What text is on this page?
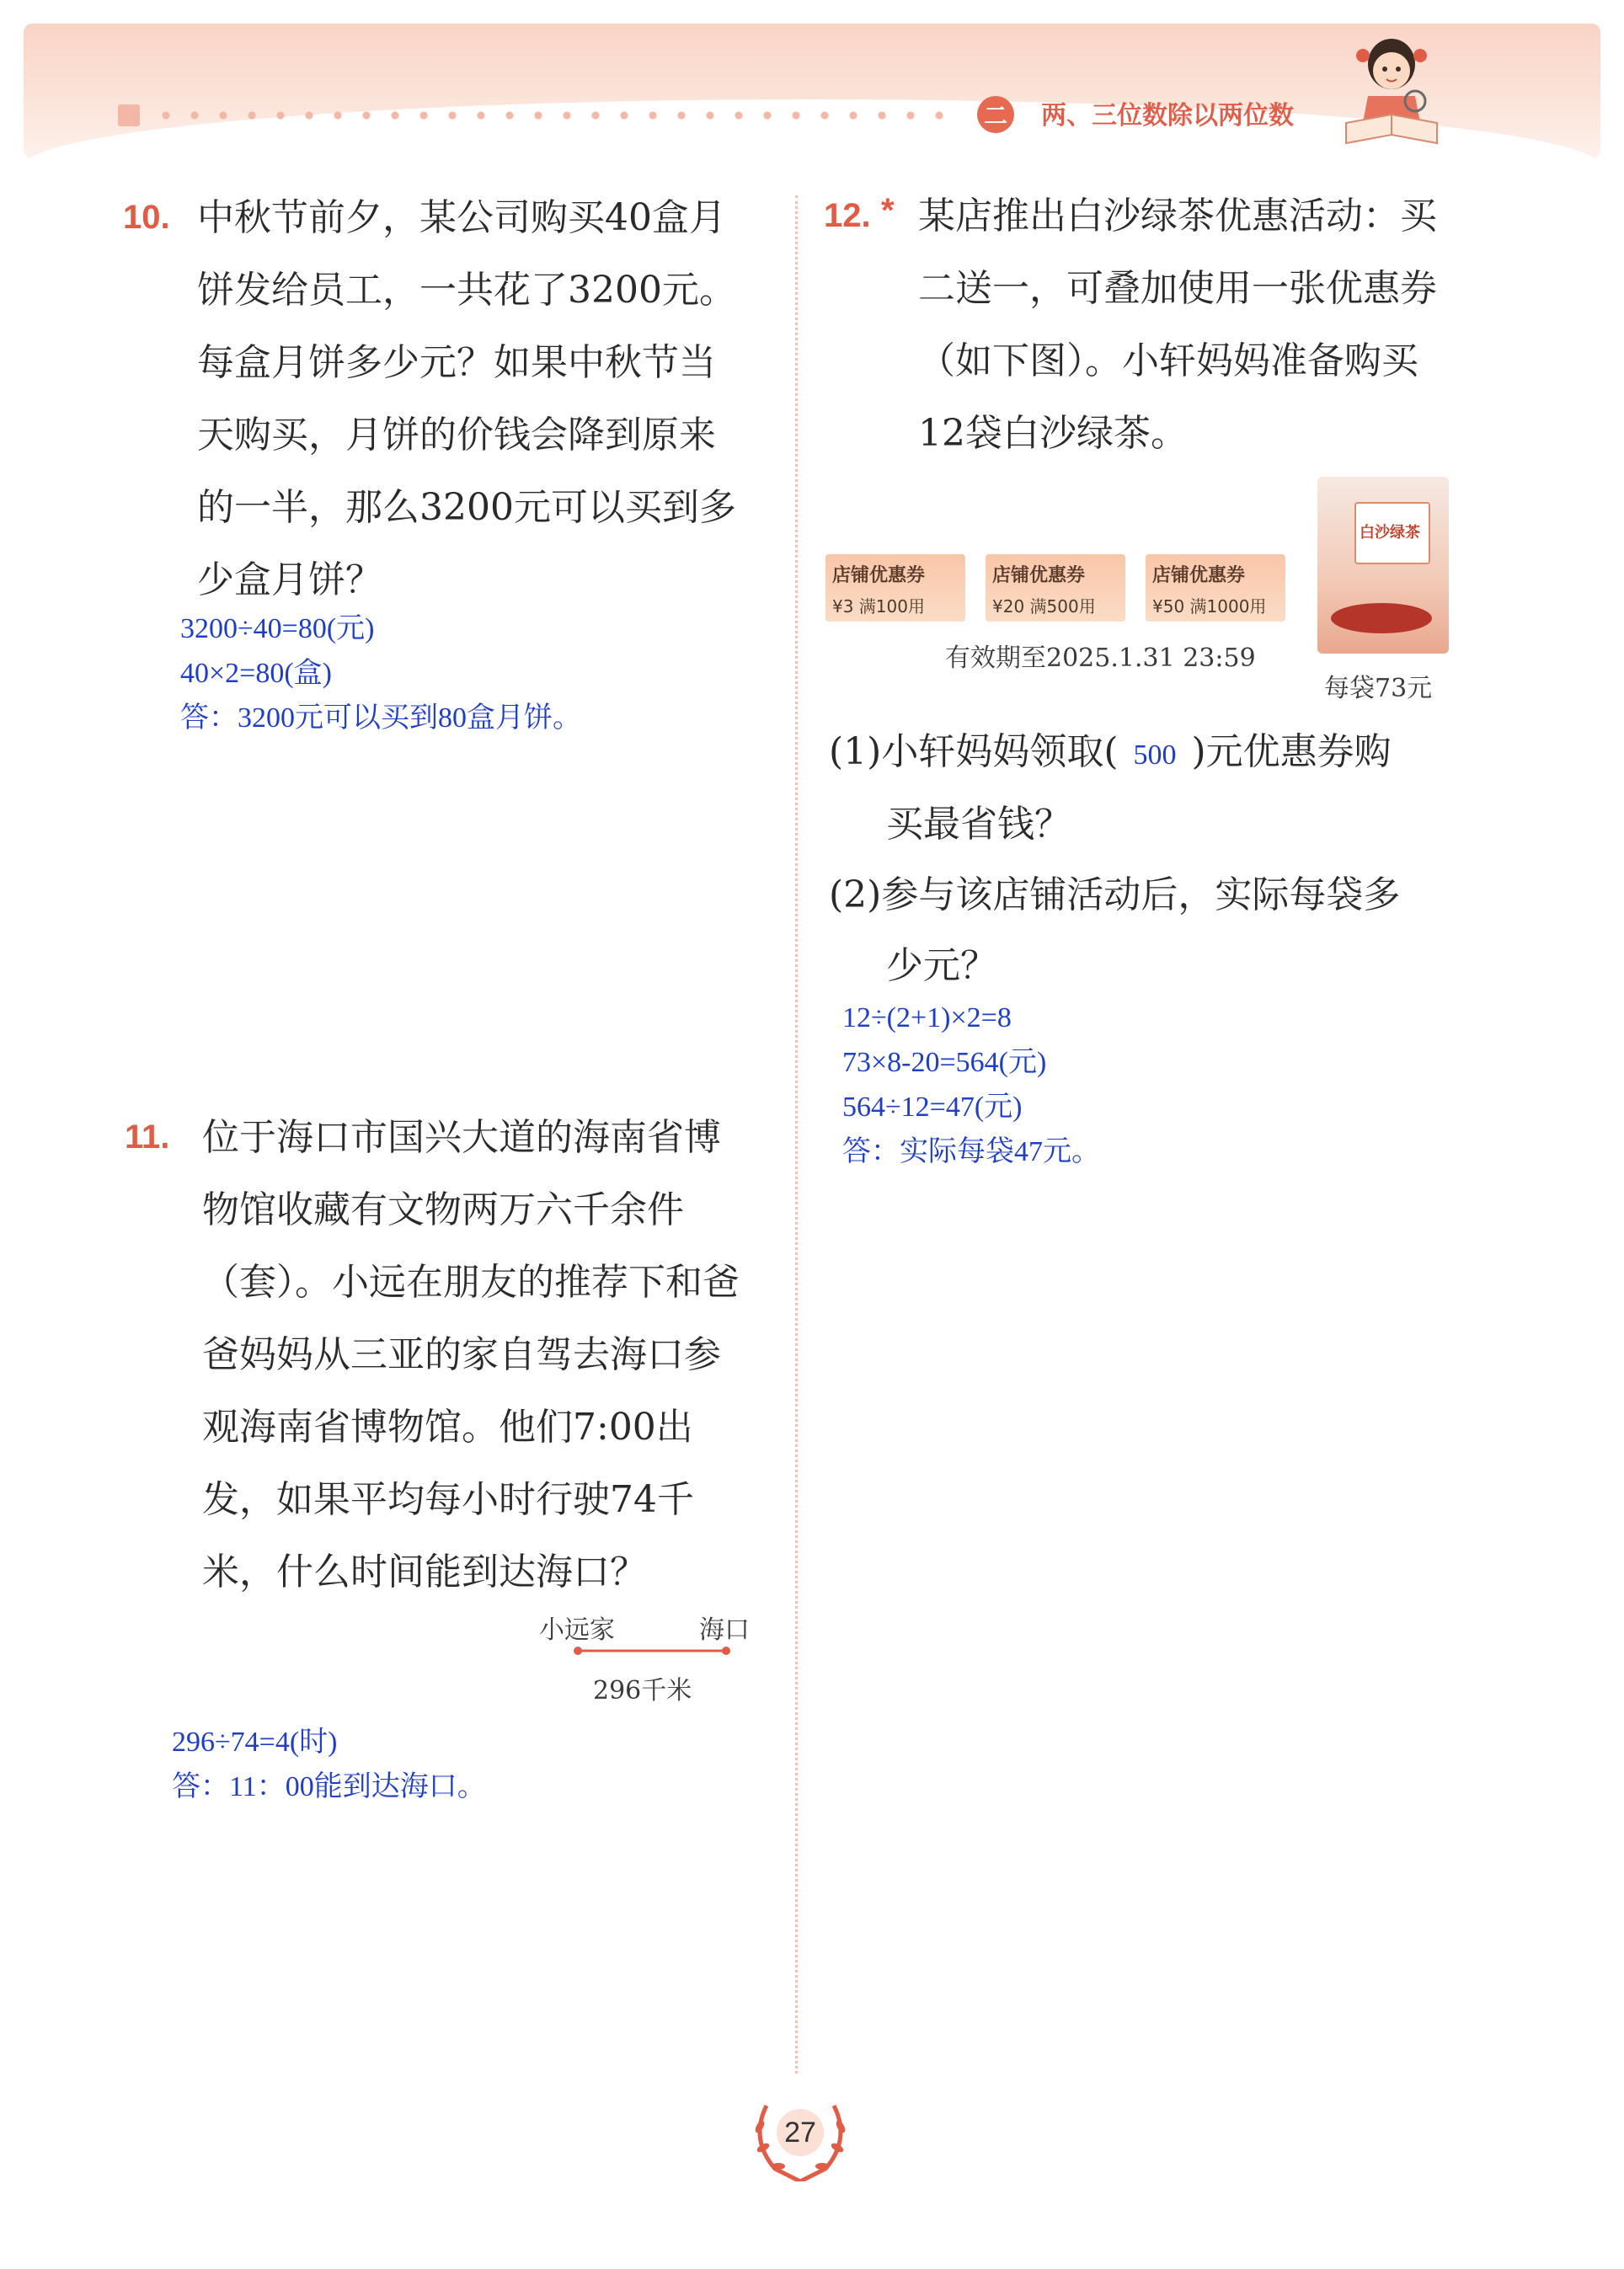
二 两、三位数除以两位数
10. 中秋节前夕，某公司购买40盒月
饼发给员工，一共花了3200元。
每盒月饼多少元？如果中秋节当
天购买，月饼的价钱会降到原来
的一半，那么3200元可以买到多
少盒月饼？
3200÷40=80(元)
40×2=80(盒)
答：3200元可以买到80盒月饼。
11. 位于海口市国兴大道的海南省博
物馆收藏有文物两万六千余件
（套）。小远在朋友的推荐下和爸
爸妈妈从三亚的家自驾去海口参
观海南省博物馆。他们7:00出
发，如果平均每小时行驶74千
米，什么时间能到达海口？
小远家	海口
296千米
296÷74=4(时)
答：11：00能到达海口。
12. * 某店推出白沙绿茶优惠活动：买
二送一，可叠加使用一张优惠券
（如下图）。小轩妈妈准备购买
12袋白沙绿茶。
店铺优惠券
¥3 满100用
店铺优惠券
¥20 满500用
店铺优惠券
¥50 满1000用
有效期至2025.1.31 23:59
白沙绿茶
每袋73元
(1)小轩妈妈领取( 500 )元优惠券购
买最省钱？
(2)参与该店铺活动后，实际每袋多
少元？
12÷(2+1)×2=8
73×8-20=564(元)
564÷12=47(元)
答：实际每袋47元。
27
